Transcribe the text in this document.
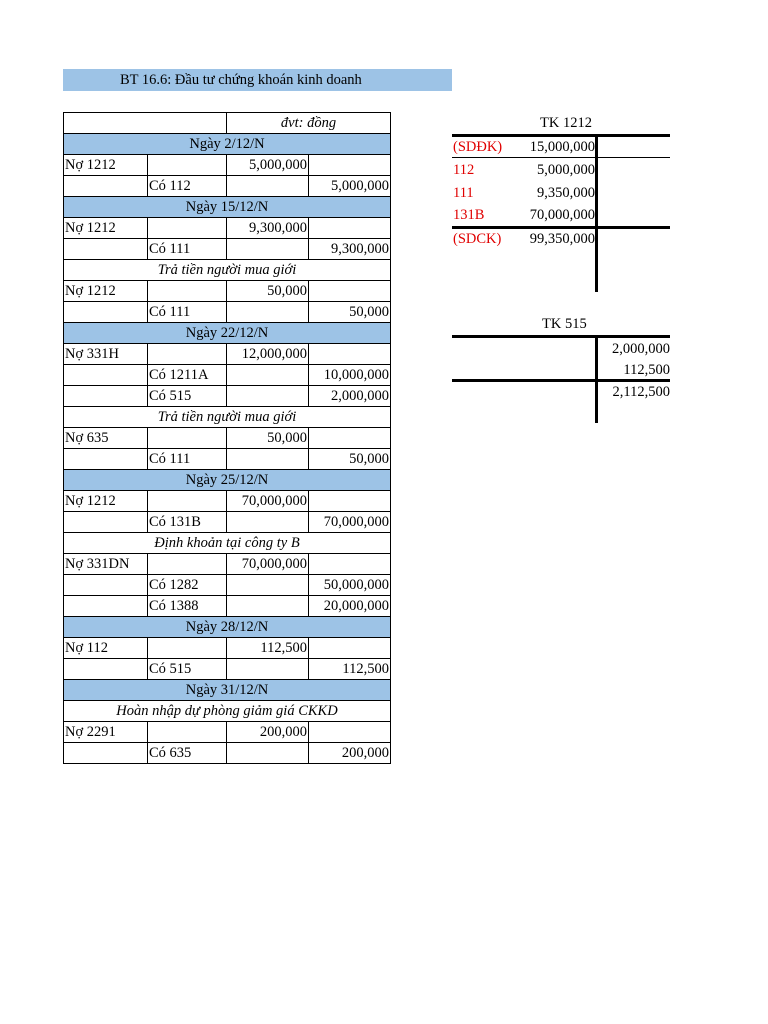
BT 16.6: Đầu tư chứng khoán kinh doanh
		đvt: đồng	
Ngày 2/12/N			
Nợ 1212		5,000,000	
	Có 112		5,000,000
Ngày 15/12/N			
Nợ 1212		9,300,000	
	Có 111		9,300,000
Trả tiền người mua giới			
Nợ 1212		50,000	
	Có 111		50,000
Ngày 22/12/N			
Nợ 331H		12,000,000	
	Có 1211A		10,000,000
	Có 515		2,000,000
Trả tiền người mua giới			
Nợ 635		50,000	
	Có 111		50,000
Ngày 25/12/N			
Nợ 1212		70,000,000	
	Có 131B		70,000,000
Định khoản tại công ty B			
Nợ 331DN		70,000,000	
	Có 1282		50,000,000
	Có 1388		20,000,000
Ngày 28/12/N			
Nợ 112		112,500	
	Có 515		112,500
Ngày 31/12/N			
Hoàn nhập dự phòng giảm giá CKKD			
Nợ 2291		200,000	
	Có 635		200,000
TK 1212
(SDĐK)	15,000,000
112	5,000,000
111	9,350,000
131B	70,000,000
(SDCK)	99,350,000
TK 515
2,000,000
112,500
2,112,500
